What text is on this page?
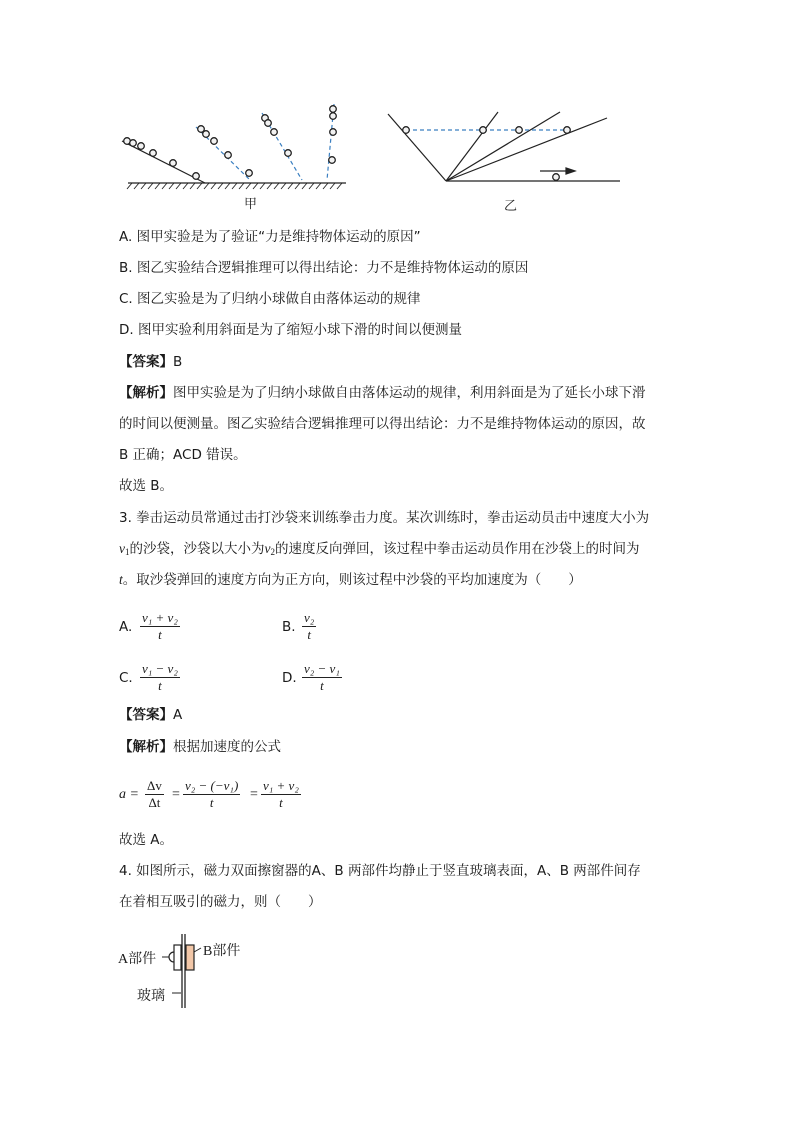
甲	乙
A. 图甲实验是为了验证“力是维持物体运动的原因”
B. 图乙实验结合逻辑推理可以得出结论：力不是维持物体运动的原因
C. 图乙实验是为了归纳小球做自由落体运动的规律
D. 图甲实验利用斜面是为了缩短小球下滑的时间以便测量
【答案】B
【解析】图甲实验是为了归纳小球做自由落体运动的规律，利用斜面是为了延长小球下滑
的时间以便测量。图乙实验结合逻辑推理可以得出结论：力不是维持物体运动的原因，故
B 正确；ACD 错误。
故选 B。
3. 拳击运动员常通过击打沙袋来训练拳击力度。某次训练时，拳击运动员击中速度大小为
$v_1$的沙袋，沙袋以大小为$v_2$的速度反向弹回，该过程中拳击运动员作用在沙袋上的时间为
t。取沙袋弹回的速度方向为正方向，则该过程中沙袋的平均加速度为（　　）
A. $\frac{\text{v₁ + v₂}}{t}$	B. $\frac{\text{v₂}}{t}$
C. $\frac{\text{v₁ − v₂}}{t}$	D. $\frac{\text{v₂ − v₁}}{t}$
【答案】A
【解析】根据加速度的公式
$a = \frac{\Delta v}{\Delta t} = \frac{\text{v₂ − (−v₁)}}{t} = \frac{\text{v₁ + v₂}}{t}$
故选 A。
4. 如图所示，磁力双面擦窗器的A、B 两部件均静止于竖直玻璃表面，A、B 两部件间存
在着相互吸引的磁力，则（　　）
A部件
B部件
玻璃
